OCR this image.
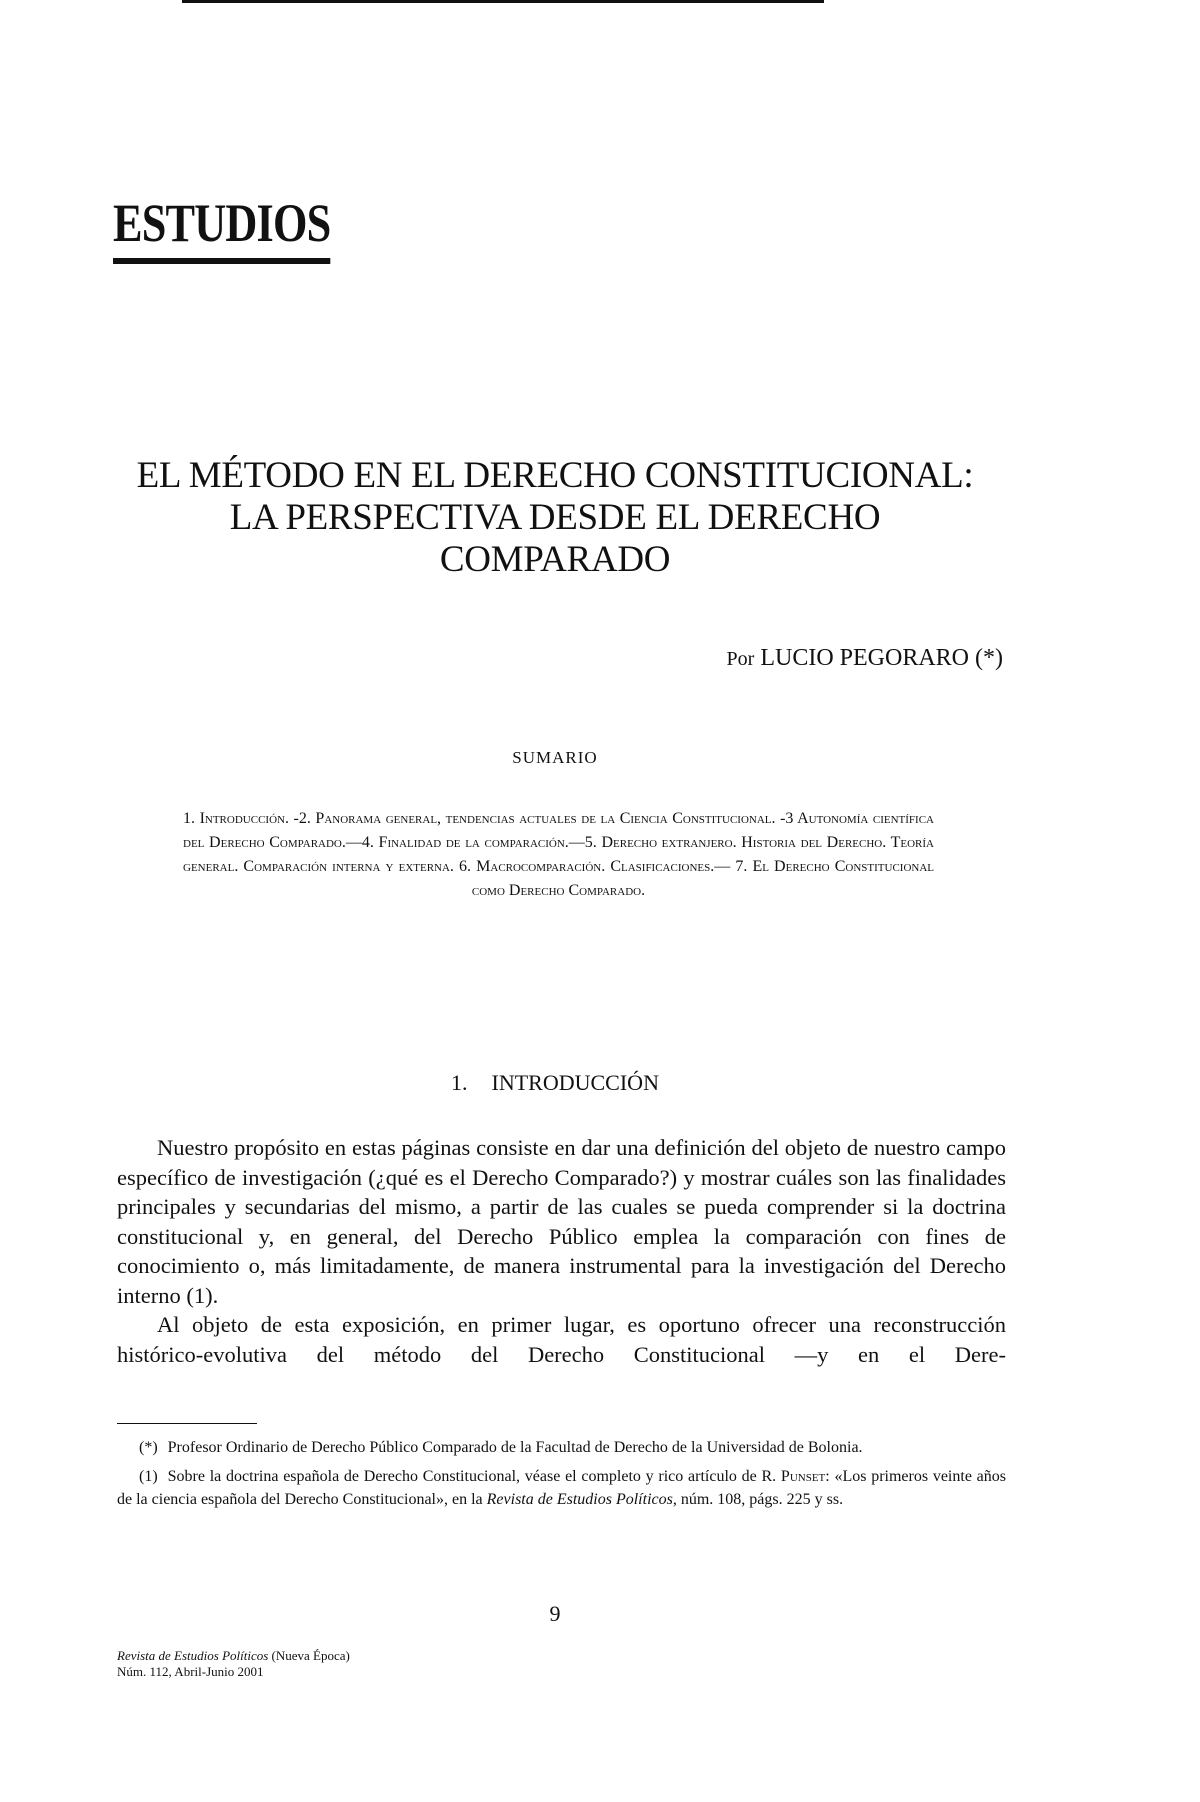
ESTUDIOS
EL MÉTODO EN EL DERECHO CONSTITUCIONAL:
LA PERSPECTIVA DESDE EL DERECHO
COMPARADO
Por LUCIO PEGORARO (*)
SUMARIO
1. Introducción. -2. Panorama general, tendencias actuales de la Ciencia Constitucional. -3 Autonomía científica del Derecho Comparado.—4. Finalidad de la comparación.—5. Derecho extranjero. Historia del Derecho. Teoría general. Comparación interna y externa. 6. Macrocomparación. Clasificaciones.— 7. El Derecho Constitucional como Derecho Comparado.
1. INTRODUCCIÓN

Nuestro propósito en estas páginas consiste en dar una definición del objeto de nuestro campo específico de investigación (¿qué es el Derecho Comparado?) y mostrar cuáles son las finalidades principales y secundarias del mismo, a partir de las cuales se pueda comprender si la doctrina constitucional y, en general, del Derecho Público emplea la comparación con fines de conocimiento o, más limitadamente, de manera instrumental para la investigación del Derecho interno (1).

Al objeto de esta exposición, en primer lugar, es oportuno ofrecer una reconstrucción histórico-evolutiva del método del Derecho Constitucional —y en el Dere-

(*) Profesor Ordinario de Derecho Público Comparado de la Facultad de Derecho de la Universidad de Bolonia.

(1) Sobre la doctrina española de Derecho Constitucional, véase el completo y rico artículo de R. Punset: «Los primeros veinte años de la ciencia española del Derecho Constitucional», en la Revista de Estudios Políticos, núm. 108, págs. 225 y ss.

9
Revista de Estudios Políticos (Nueva Época)
Núm. 112, Abril-Junio 2001
